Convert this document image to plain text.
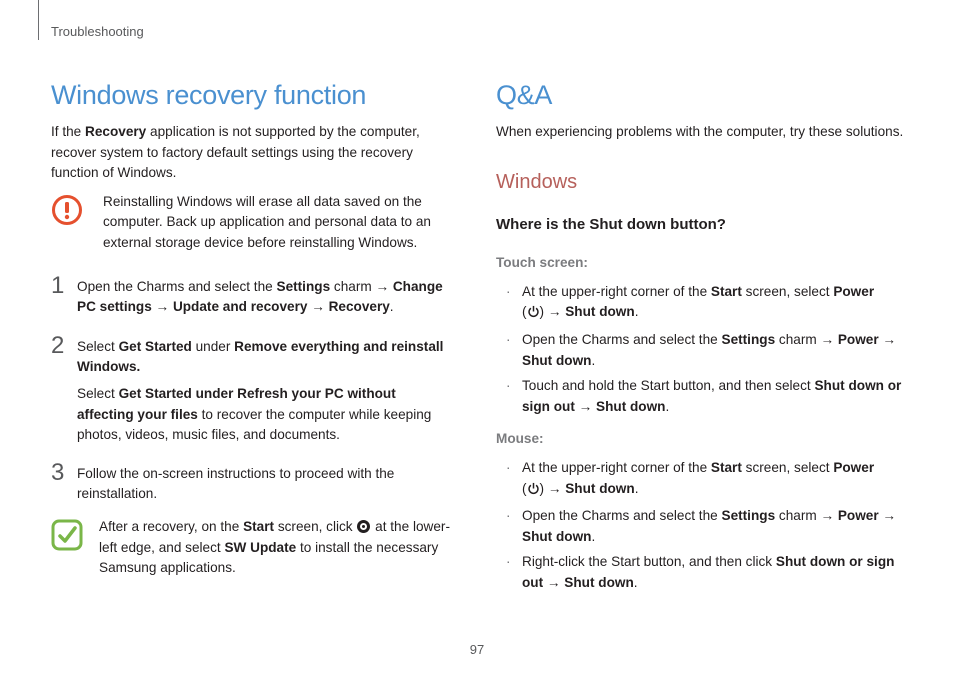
Troubleshooting
Windows recovery function

If the Recovery application is not supported by the computer, recover system to factory default settings using the recovery function of Windows.

Reinstalling Windows will erase all data saved on the computer. Back up application and personal data to an external storage device before reinstalling Windows.

1 Open the Charms and select the Settings charm → Change PC settings → Update and recovery → Recovery.

2 Select Get Started under Remove everything and reinstall Windows.

Select Get Started under Refresh your PC without affecting your files to recover the computer while keeping photos, videos, music files, and documents.

3 Follow the on-screen instructions to proceed with the reinstallation.

After a recovery, on the Start screen, click  at the lower-left edge, and select SW Update to install the necessary Samsung applications.

Q&A

When experiencing problems with the computer, try these solutions.

Windows

Where is the Shut down button?

Touch screen:

· At the upper-right corner of the Start screen, select Power
( ) → Shut down.
· Open the Charms and select the Settings charm → Power → Shut down.
· Touch and hold the Start button, and then select Shut down or sign out → Shut down.

Mouse:

· At the upper-right corner of the Start screen, select Power
( ) → Shut down.
· Open the Charms and select the Settings charm → Power → Shut down.
· Right-click the Start button, and then click Shut down or sign out → Shut down.
97
